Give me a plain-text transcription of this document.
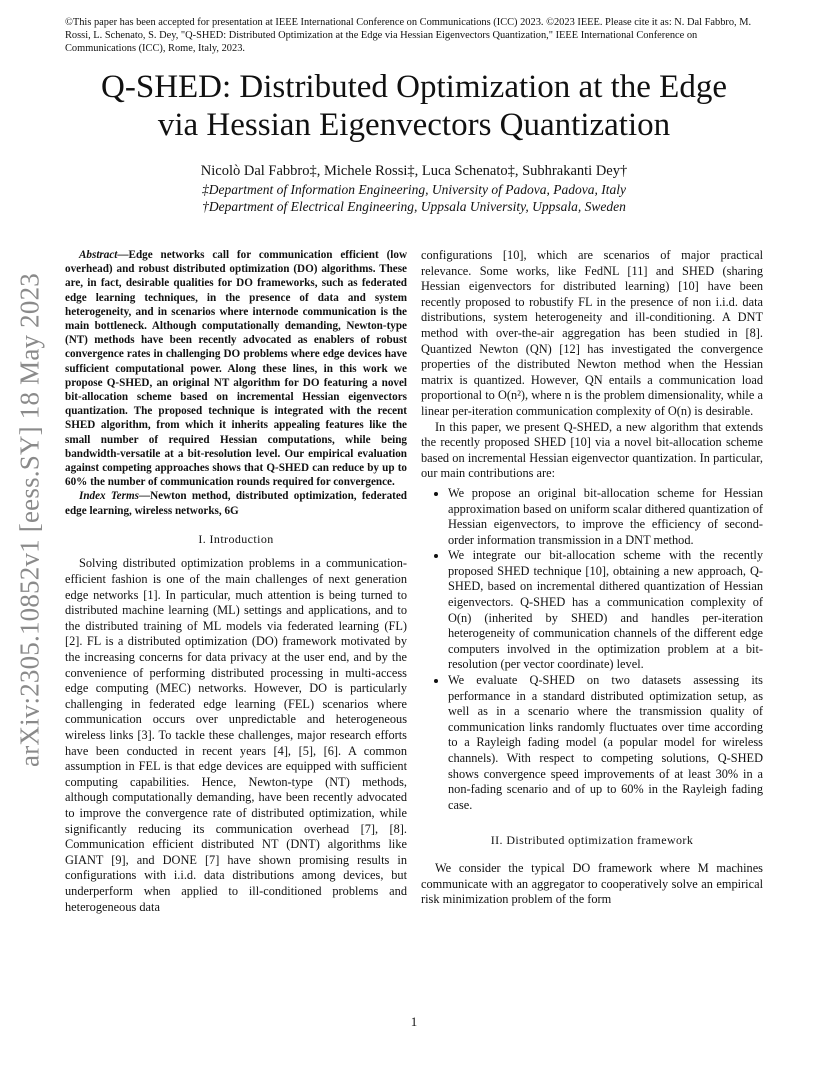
©This paper has been accepted for presentation at IEEE International Conference on Communications (ICC) 2023. ©2023 IEEE. Please cite it as: N. Dal Fabbro, M. Rossi, L. Schenato, S. Dey, "Q-SHED: Distributed Optimization at the Edge via Hessian Eigenvectors Quantization," IEEE International Conference on Communications (ICC), Rome, Italy, 2023.
arXiv:2305.10852v1 [eess.SY] 18 May 2023
Q-SHED: Distributed Optimization at the Edge
via Hessian Eigenvectors Quantization
Nicolò Dal Fabbro‡, Michele Rossi‡, Luca Schenato‡, Subhrakanti Dey†
‡Department of Information Engineering, University of Padova, Padova, Italy
†Department of Electrical Engineering, Uppsala University, Uppsala, Sweden

Abstract—Edge networks call for communication efficient (low overhead) and robust distributed optimization (DO) algorithms. These are, in fact, desirable qualities for DO frameworks, such as federated edge learning techniques, in the presence of data and system heterogeneity, and in scenarios where internode communication is the main bottleneck. Although computationally demanding, Newton-type (NT) methods have been recently advocated as enablers of robust convergence rates in challenging DO problems where edge devices have sufficient computational power. Along these lines, in this work we propose Q-SHED, an original NT algorithm for DO featuring a novel bit-allocation scheme based on incremental Hessian eigenvectors quantization. The proposed technique is integrated with the recent SHED algorithm, from which it inherits appealing features like the small number of required Hessian computations, while being bandwidth-versatile at a bit-resolution level. Our empirical evaluation against competing approaches shows that Q-SHED can reduce by up to 60% the number of communication rounds required for convergence.

Index Terms—Newton method, distributed optimization, federated edge learning, wireless networks, 6G

I. Introduction

Solving distributed optimization problems in a communication-efficient fashion is one of the main challenges of next generation edge networks [1]. In particular, much attention is being turned to distributed machine learning (ML) settings and applications, and to the distributed training of ML models via federated learning (FL) [2]. FL is a distributed optimization (DO) framework motivated by the increasing concerns for data privacy at the user end, and by the convenience of performing distributed processing in multi-access edge computing (MEC) networks. However, DO is particularly challenging in federated edge learning (FEL) scenarios where communication occurs over unpredictable and heterogeneous wireless links [3]. To tackle these challenges, major research efforts have been conducted in recent years [4], [5], [6]. A common assumption in FEL is that edge devices are equipped with sufficient computing capabilities. Hence, Newton-type (NT) methods, although computationally demanding, have been recently advocated to improve the convergence rate of distributed optimization, while significantly reducing its communication overhead [7], [8]. Communication efficient distributed NT (DNT) algorithms like GIANT [9], and DONE [7] have shown promising results in configurations with i.i.d. data distributions among devices, but underperform when applied to ill-conditioned problems and heterogeneous data

configurations [10], which are scenarios of major practical relevance. Some works, like FedNL [11] and SHED (sharing Hessian eigenvectors for distributed learning) [10] have been recently proposed to robustify FL in the presence of non i.i.d. data distributions, system heterogeneity and ill-conditioning. A DNT method with over-the-air aggregation has been studied in [8]. Quantized Newton (QN) [12] has investigated the convergence properties of the distributed Newton method when the Hessian matrix is quantized. However, QN entails a communication load proportional to O(n²), where n is the problem dimensionality, while a linear per-iteration communication complexity of O(n) is desirable.

In this paper, we present Q-SHED, a new algorithm that extends the recently proposed SHED [10] via a novel bit-allocation scheme based on incremental Hessian eigenvector quantization. In particular, our main contributions are:

• We propose an original bit-allocation scheme for Hessian approximation based on uniform scalar dithered quantization of Hessian eigenvectors, to improve the efficiency of second-order information transmission in a DNT method.
• We integrate our bit-allocation scheme with the recently proposed SHED technique [10], obtaining a new approach, Q-SHED, based on incremental dithered quantization of Hessian eigenvectors. Q-SHED has a communication complexity of O(n) (inherited by SHED) and handles per-iteration heterogeneity of communication channels of the different edge computers involved in the optimization problem at a bit-resolution (per vector coordinate) level.
• We evaluate Q-SHED on two datasets assessing its performance in a standard distributed optimization setup, as well as in a scenario where the transmission quality of communication links randomly fluctuates over time according to a Rayleigh fading model (a popular model for wireless channels). With respect to competing solutions, Q-SHED shows convergence speed improvements of at least 30% in a non-fading scenario and of up to 60% in the Rayleigh fading case.
II. Distributed optimization framework

We consider the typical DO framework where M machines communicate with an aggregator to cooperatively solve an empirical risk minimization problem of the form

1
